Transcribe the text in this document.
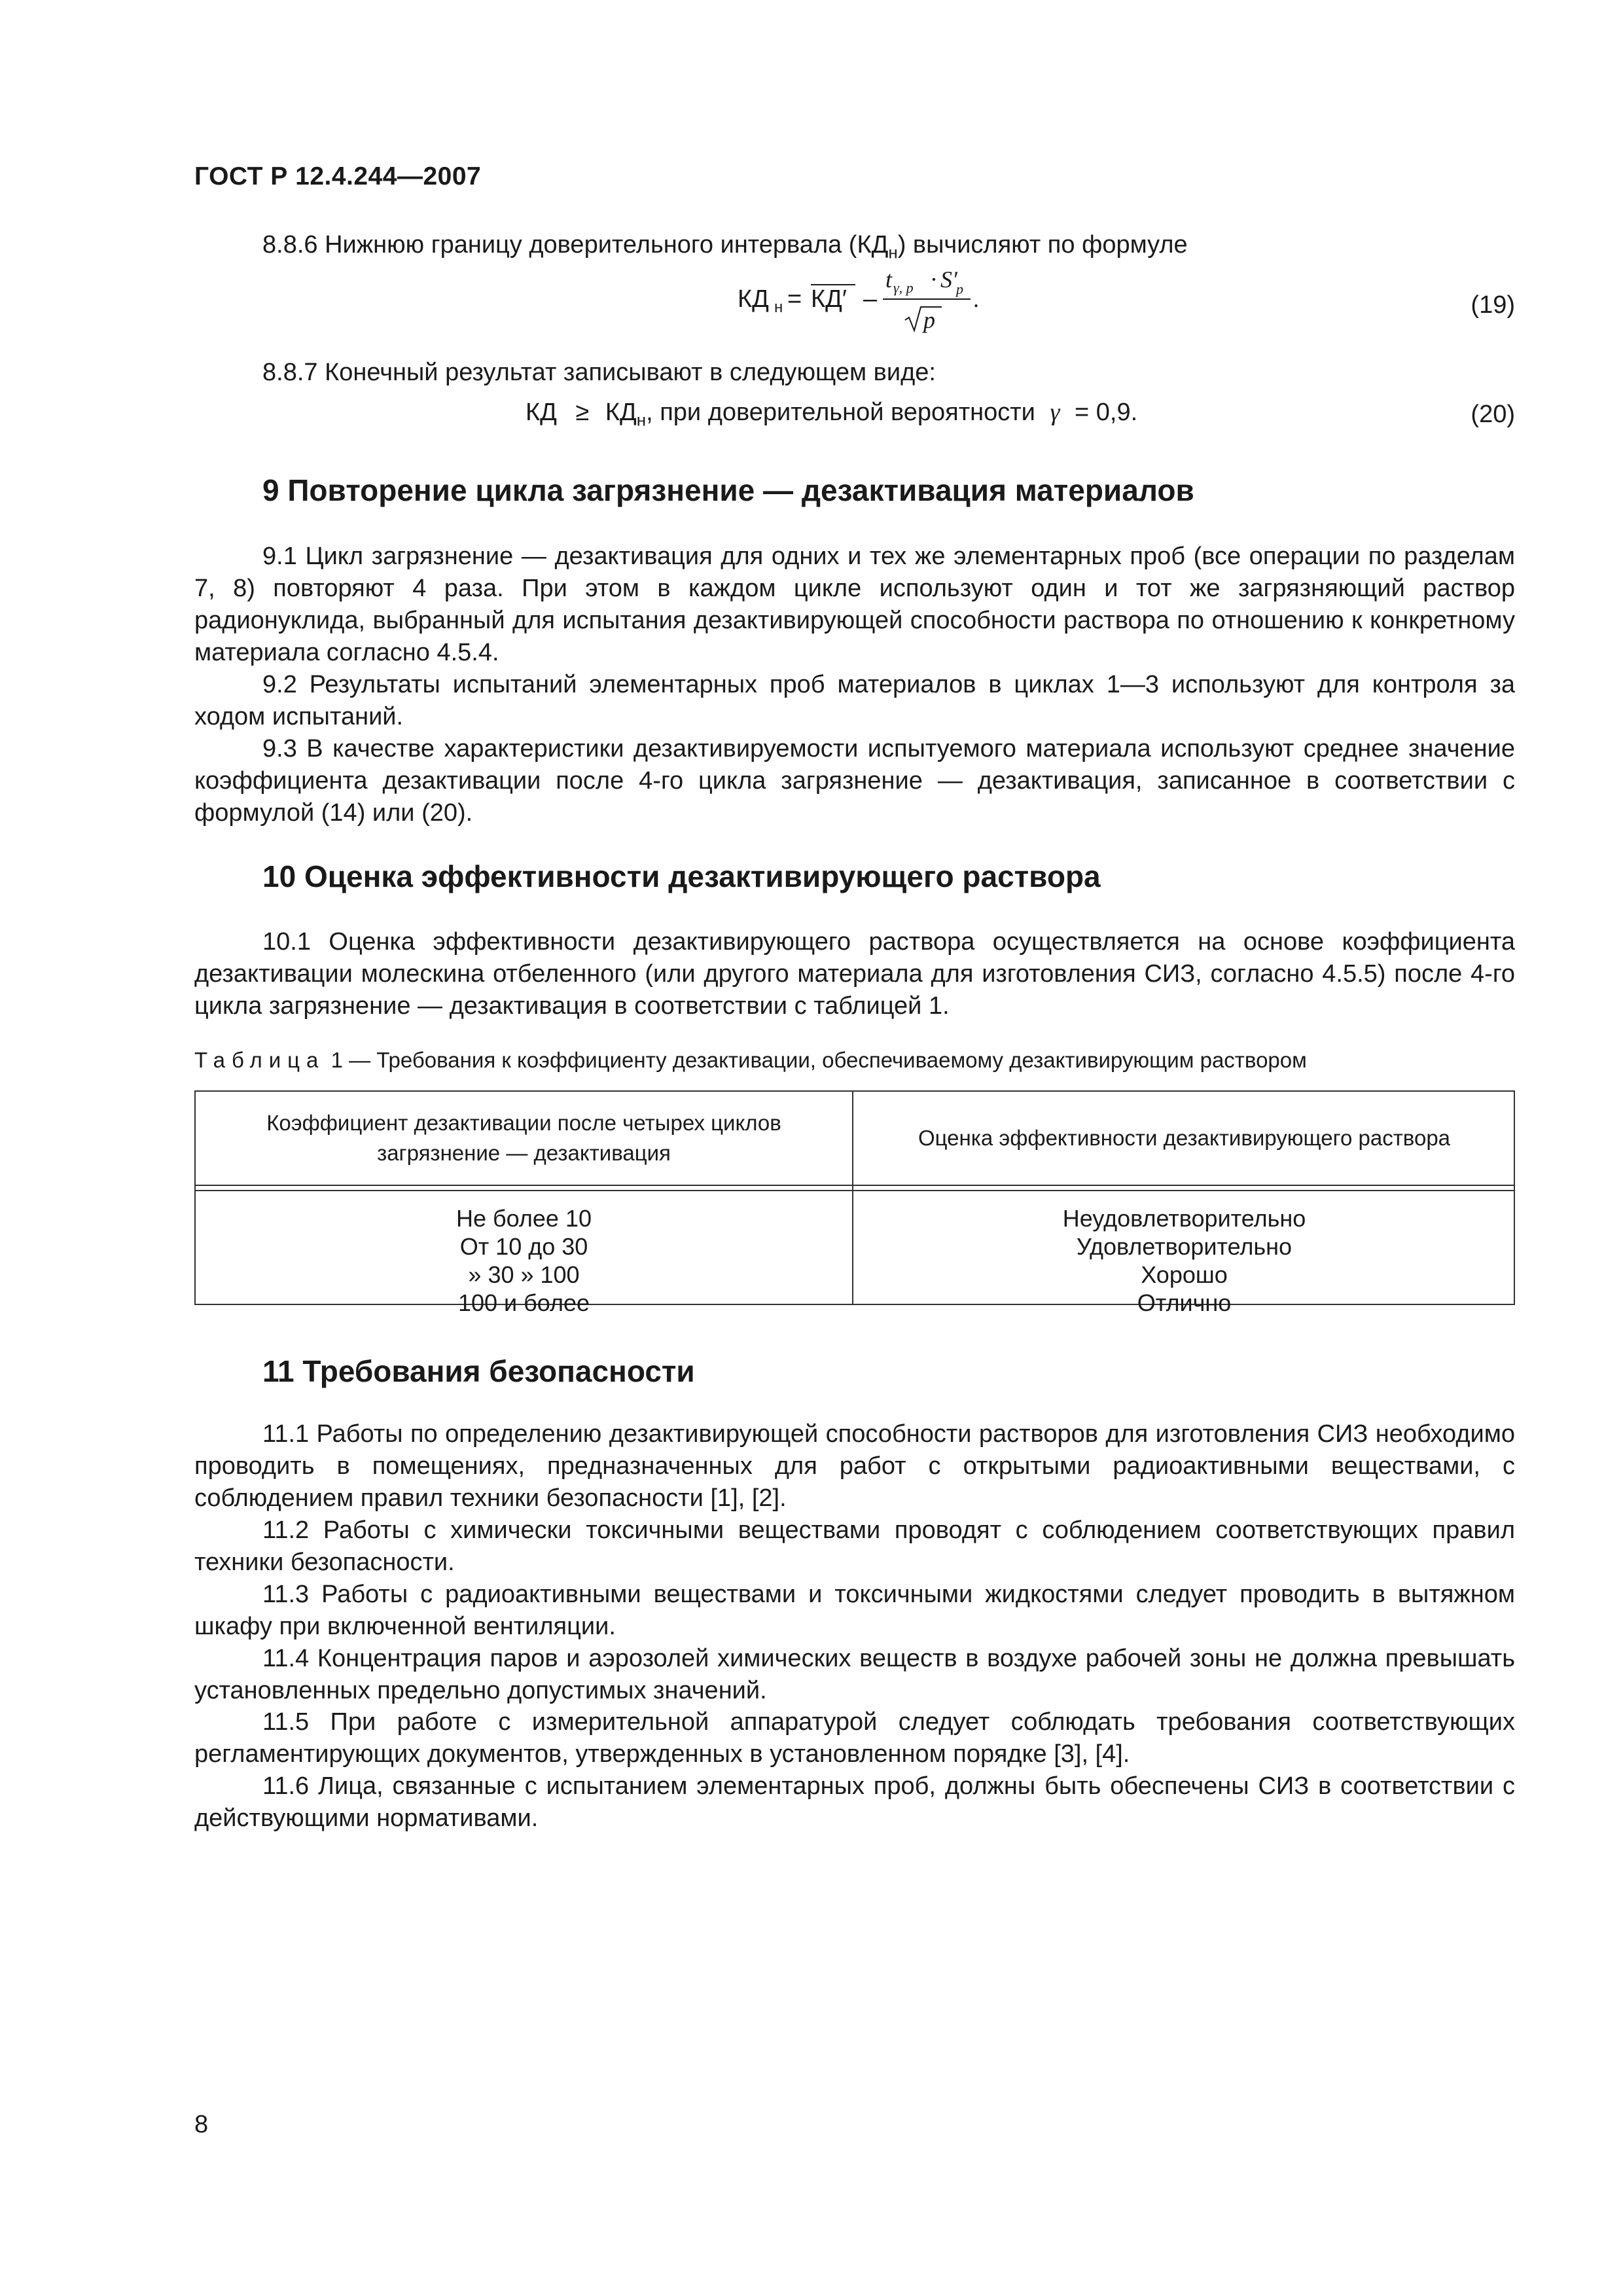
ГОСТ Р 12.4.244—2007
8.8.6 Нижнюю границу доверительного интервала $(КД_н)$ вычисляют по формуле
КД н = КД′ –
t γ, p · S′
p
p
.	(19)
8.8.7 Конечный результат записывают в следующем виде:
КД ≥ $КД_н$, при доверительной вероятности γ = 0,9.	(20)
9 Повторение цикла загрязнение — дезактивация материалов
9.1 Цикл загрязнение — дезактивация для одних и тех же элементарных проб (все операции по разделам 7, 8) повторяют 4 раза. При этом в каждом цикле используют один и тот же загрязняющий раствор радионуклида, выбранный для испытания дезактивирующей способности раствора по отношению к конкретному материала согласно 4.5.4.
9.2 Результаты испытаний элементарных проб материалов в циклах 1—3 используют для контроля за ходом испытаний.
9.3 В качестве характеристики дезактивируемости испытуемого материала используют среднее значение коэффициента дезактивации после 4-го цикла загрязнение — дезактивация, записанное в соответствии с формулой (14) или (20).
10 Оценка эффективности дезактивирующего раствора
10.1 Оценка эффективности дезактивирующего раствора осуществляется на основе коэффициента дезактивации молескина отбеленного (или другого материала для изготовления СИЗ, согласно 4.5.5) после 4-го цикла загрязнение — дезактивация в соответствии с таблицей 1.
Таблица 1 — Требования к коэффициенту дезактивации, обеспечиваемому дезактивирующим раствором
Коэффициент дезактивации после четырех циклов загрязнение — дезактивация
Оценка эффективности дезактивирующего раствора
Не более 10
От 10 до 30
» 30 » 100
100 и более
Неудовлетворительно
Удовлетворительно
Хорошо
Отлично
11 Требования безопасности
11.1 Работы по определению дезактивирующей способности растворов для изготовления СИЗ необходимо проводить в помещениях, предназначенных для работ с открытыми радиоактивными веществами, с соблюдением правил техники безопасности [1], [2].
11.2 Работы с химически токсичными веществами проводят с соблюдением соответствующих правил техники безопасности.
11.3 Работы с радиоактивными веществами и токсичными жидкостями следует проводить в вытяжном шкафу при включенной вентиляции.
11.4 Концентрация паров и аэрозолей химических веществ в воздухе рабочей зоны не должна превышать установленных предельно допустимых значений.
11.5 При работе с измерительной аппаратурой следует соблюдать требования соответствующих регламентирующих документов, утвержденных в установленном порядке [3], [4].
11.6 Лица, связанные с испытанием элементарных проб, должны быть обеспечены СИЗ в соответствии с действующими нормативами.
8
